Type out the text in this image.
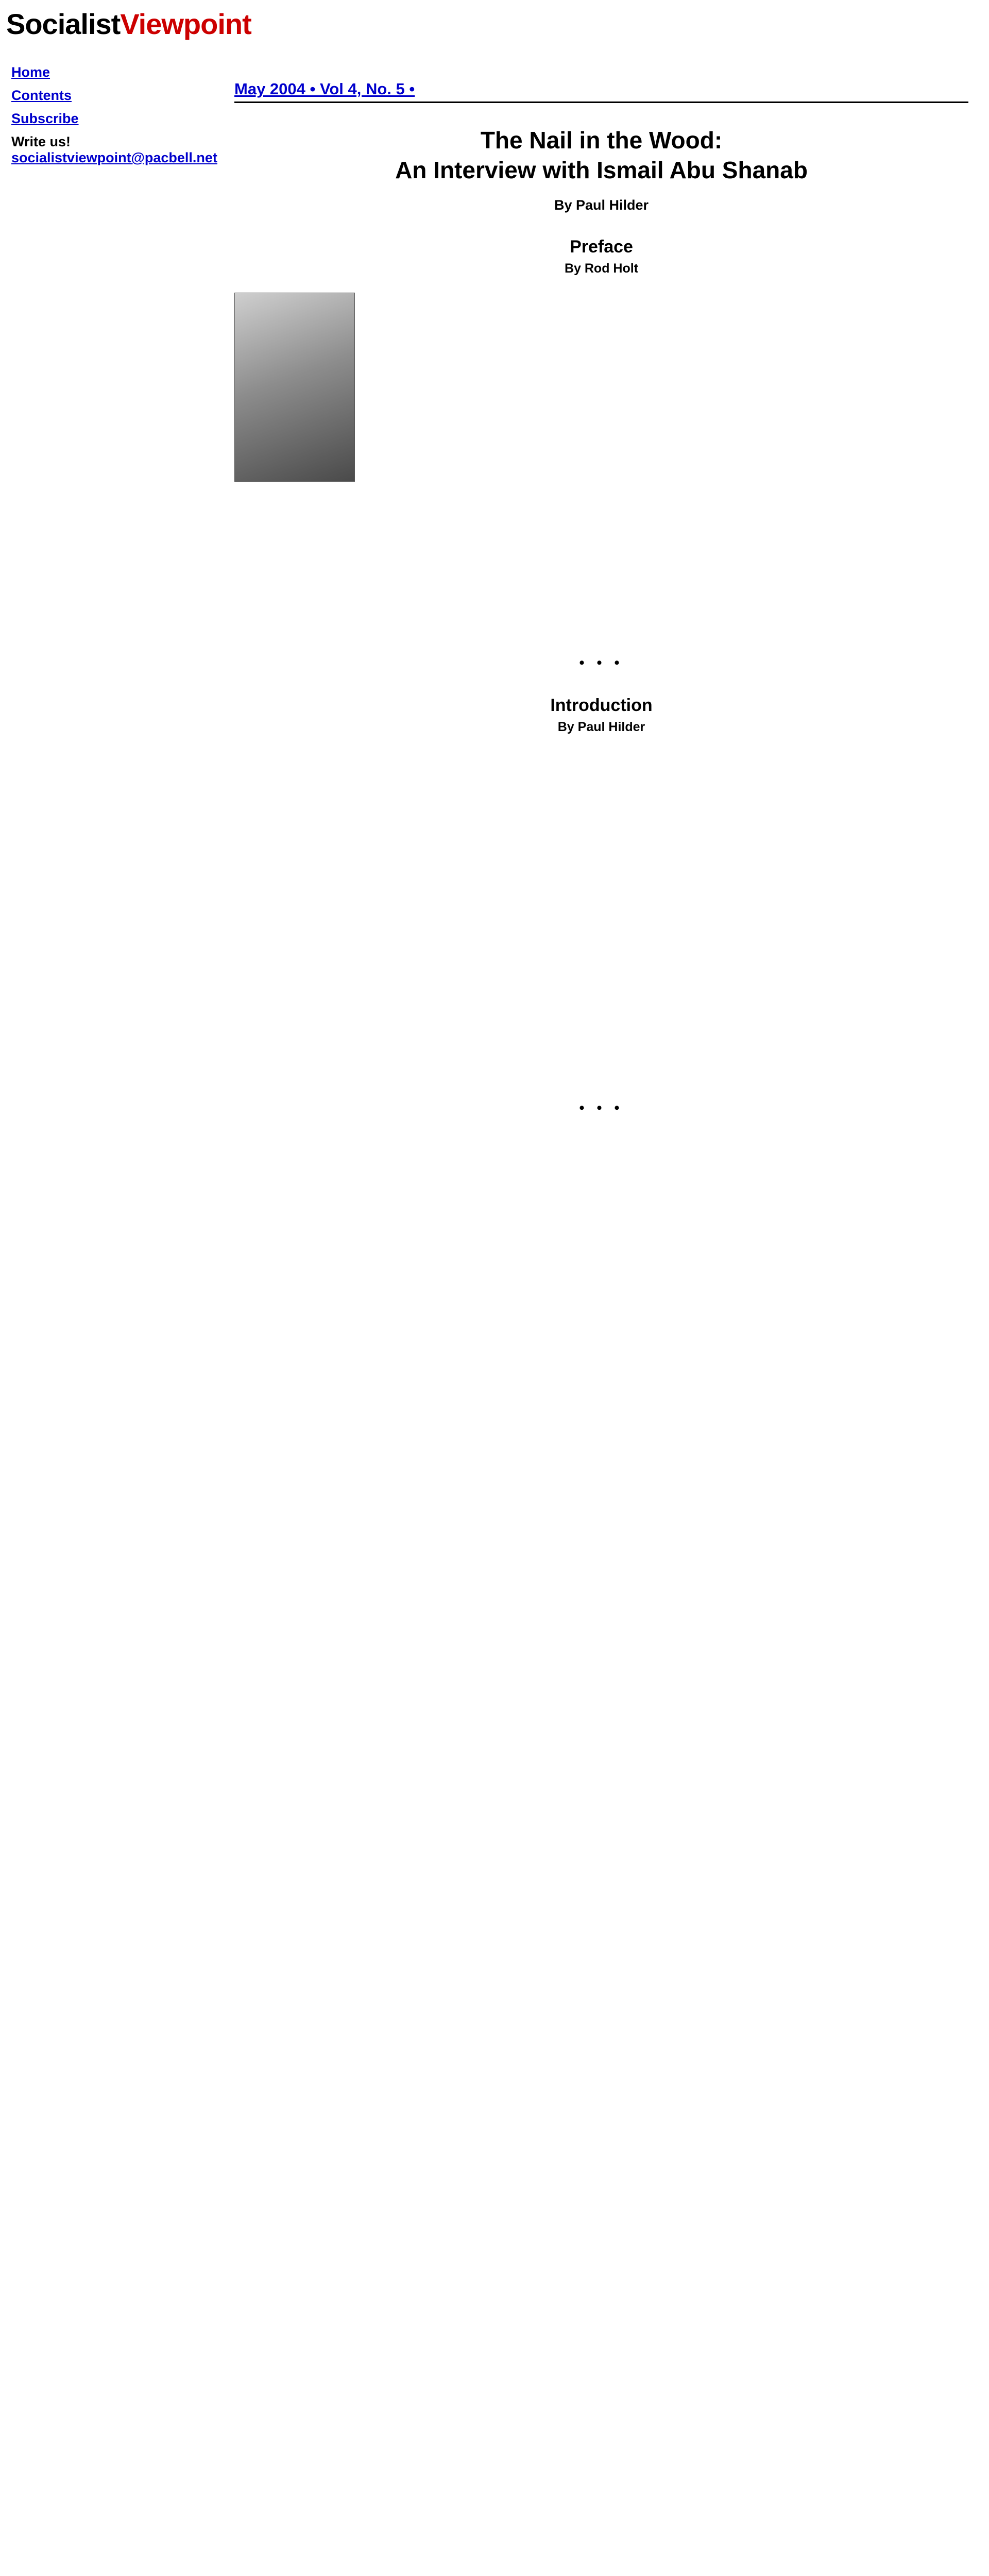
SocialistViewpoint
Home
Contents
Subscribe
Write us!
socialistviewpoint@pacbell.net
May 2004 • Vol 4, No. 5 •
The Nail in the Wood:
An Interview with Ismail Abu Shanab
By Paul Hilder
Preface
By Rod Holt
• • •
Introduction
By Paul Hilder
• • •
